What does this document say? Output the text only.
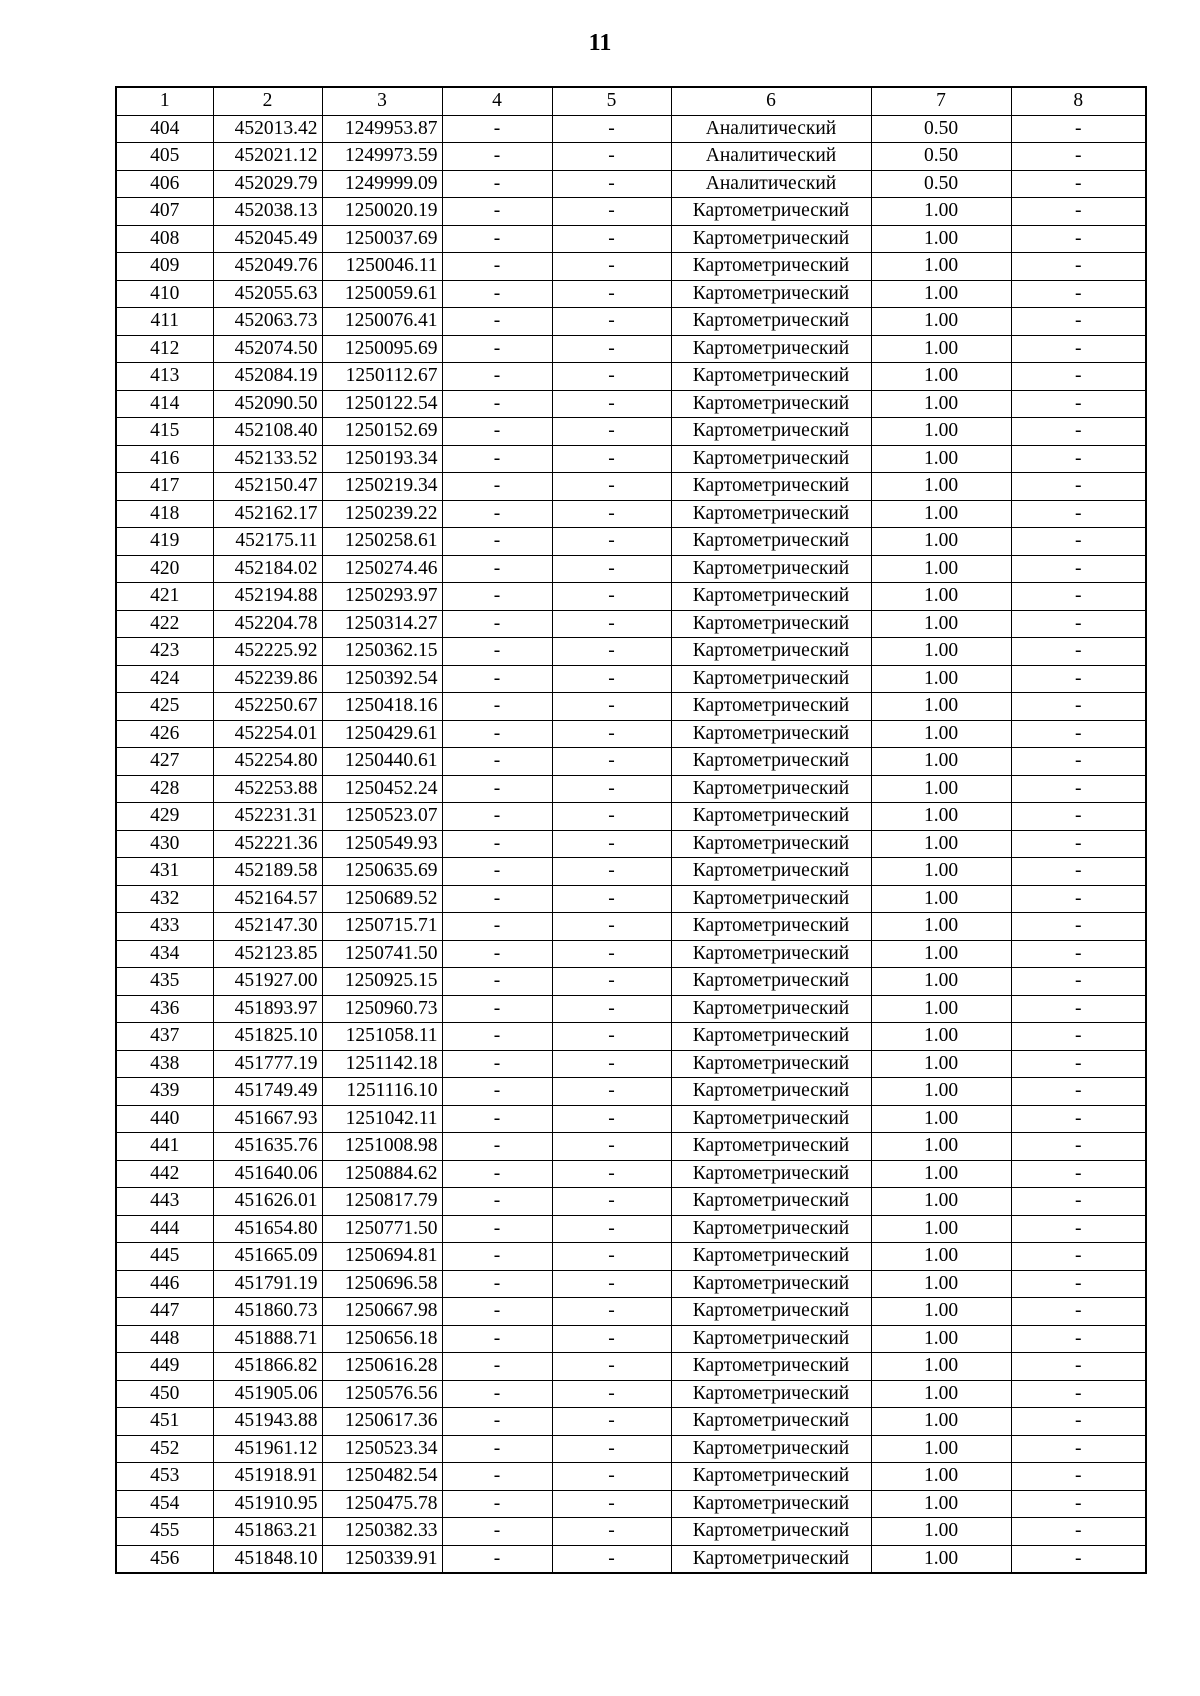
11
1	2	3	4	5	6	7	8
404	452013.42	1249953.87	-	-	Аналитический	0.50	-
405	452021.12	1249973.59	-	-	Аналитический	0.50	-
406	452029.79	1249999.09	-	-	Аналитический	0.50	-
407	452038.13	1250020.19	-	-	Картометрический	1.00	-
408	452045.49	1250037.69	-	-	Картометрический	1.00	-
409	452049.76	1250046.11	-	-	Картометрический	1.00	-
410	452055.63	1250059.61	-	-	Картометрический	1.00	-
411	452063.73	1250076.41	-	-	Картометрический	1.00	-
412	452074.50	1250095.69	-	-	Картометрический	1.00	-
413	452084.19	1250112.67	-	-	Картометрический	1.00	-
414	452090.50	1250122.54	-	-	Картометрический	1.00	-
415	452108.40	1250152.69	-	-	Картометрический	1.00	-
416	452133.52	1250193.34	-	-	Картометрический	1.00	-
417	452150.47	1250219.34	-	-	Картометрический	1.00	-
418	452162.17	1250239.22	-	-	Картометрический	1.00	-
419	452175.11	1250258.61	-	-	Картометрический	1.00	-
420	452184.02	1250274.46	-	-	Картометрический	1.00	-
421	452194.88	1250293.97	-	-	Картометрический	1.00	-
422	452204.78	1250314.27	-	-	Картометрический	1.00	-
423	452225.92	1250362.15	-	-	Картометрический	1.00	-
424	452239.86	1250392.54	-	-	Картометрический	1.00	-
425	452250.67	1250418.16	-	-	Картометрический	1.00	-
426	452254.01	1250429.61	-	-	Картометрический	1.00	-
427	452254.80	1250440.61	-	-	Картометрический	1.00	-
428	452253.88	1250452.24	-	-	Картометрический	1.00	-
429	452231.31	1250523.07	-	-	Картометрический	1.00	-
430	452221.36	1250549.93	-	-	Картометрический	1.00	-
431	452189.58	1250635.69	-	-	Картометрический	1.00	-
432	452164.57	1250689.52	-	-	Картометрический	1.00	-
433	452147.30	1250715.71	-	-	Картометрический	1.00	-
434	452123.85	1250741.50	-	-	Картометрический	1.00	-
435	451927.00	1250925.15	-	-	Картометрический	1.00	-
436	451893.97	1250960.73	-	-	Картометрический	1.00	-
437	451825.10	1251058.11	-	-	Картометрический	1.00	-
438	451777.19	1251142.18	-	-	Картометрический	1.00	-
439	451749.49	1251116.10	-	-	Картометрический	1.00	-
440	451667.93	1251042.11	-	-	Картометрический	1.00	-
441	451635.76	1251008.98	-	-	Картометрический	1.00	-
442	451640.06	1250884.62	-	-	Картометрический	1.00	-
443	451626.01	1250817.79	-	-	Картометрический	1.00	-
444	451654.80	1250771.50	-	-	Картометрический	1.00	-
445	451665.09	1250694.81	-	-	Картометрический	1.00	-
446	451791.19	1250696.58	-	-	Картометрический	1.00	-
447	451860.73	1250667.98	-	-	Картометрический	1.00	-
448	451888.71	1250656.18	-	-	Картометрический	1.00	-
449	451866.82	1250616.28	-	-	Картометрический	1.00	-
450	451905.06	1250576.56	-	-	Картометрический	1.00	-
451	451943.88	1250617.36	-	-	Картометрический	1.00	-
452	451961.12	1250523.34	-	-	Картометрический	1.00	-
453	451918.91	1250482.54	-	-	Картометрический	1.00	-
454	451910.95	1250475.78	-	-	Картометрический	1.00	-
455	451863.21	1250382.33	-	-	Картометрический	1.00	-
456	451848.10	1250339.91	-	-	Картометрический	1.00	-
